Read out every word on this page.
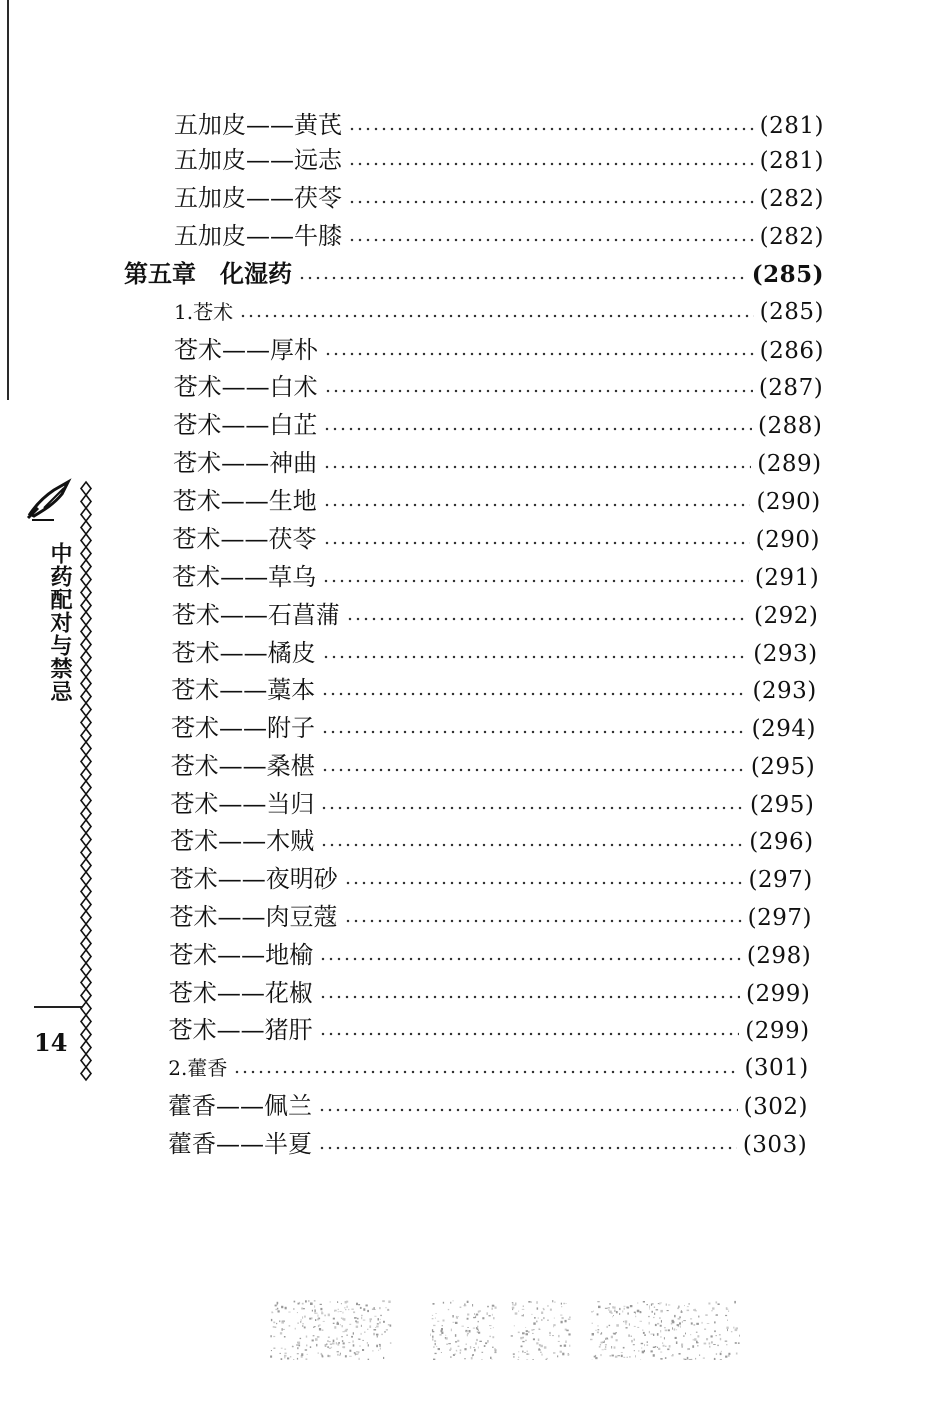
中药配对与禁忌
14
五加皮——黄芪	(281)
五加皮——远志	(281)
五加皮——茯苓	(282)
五加皮——牛膝	(282)
第五章　化湿药	(285)
1.苍术	(285)
苍术——厚朴	(286)
苍术——白术	(287)
苍术——白芷	(288)
苍术——神曲	(289)
苍术——生地	(290)
苍术——茯苓	(290)
苍术——草乌	(291)
苍术——石菖蒲	(292)
苍术——橘皮	(293)
苍术——藁本	(293)
苍术——附子	(294)
苍术——桑椹	(295)
苍术——当归	(295)
苍术——木贼	(296)
苍术——夜明砂	(297)
苍术——肉豆蔻	(297)
苍术——地榆	(298)
苍术——花椒	(299)
苍术——猪肝	(299)
2.藿香	(301)
藿香——佩兰	(302)
藿香——半夏	(303)
